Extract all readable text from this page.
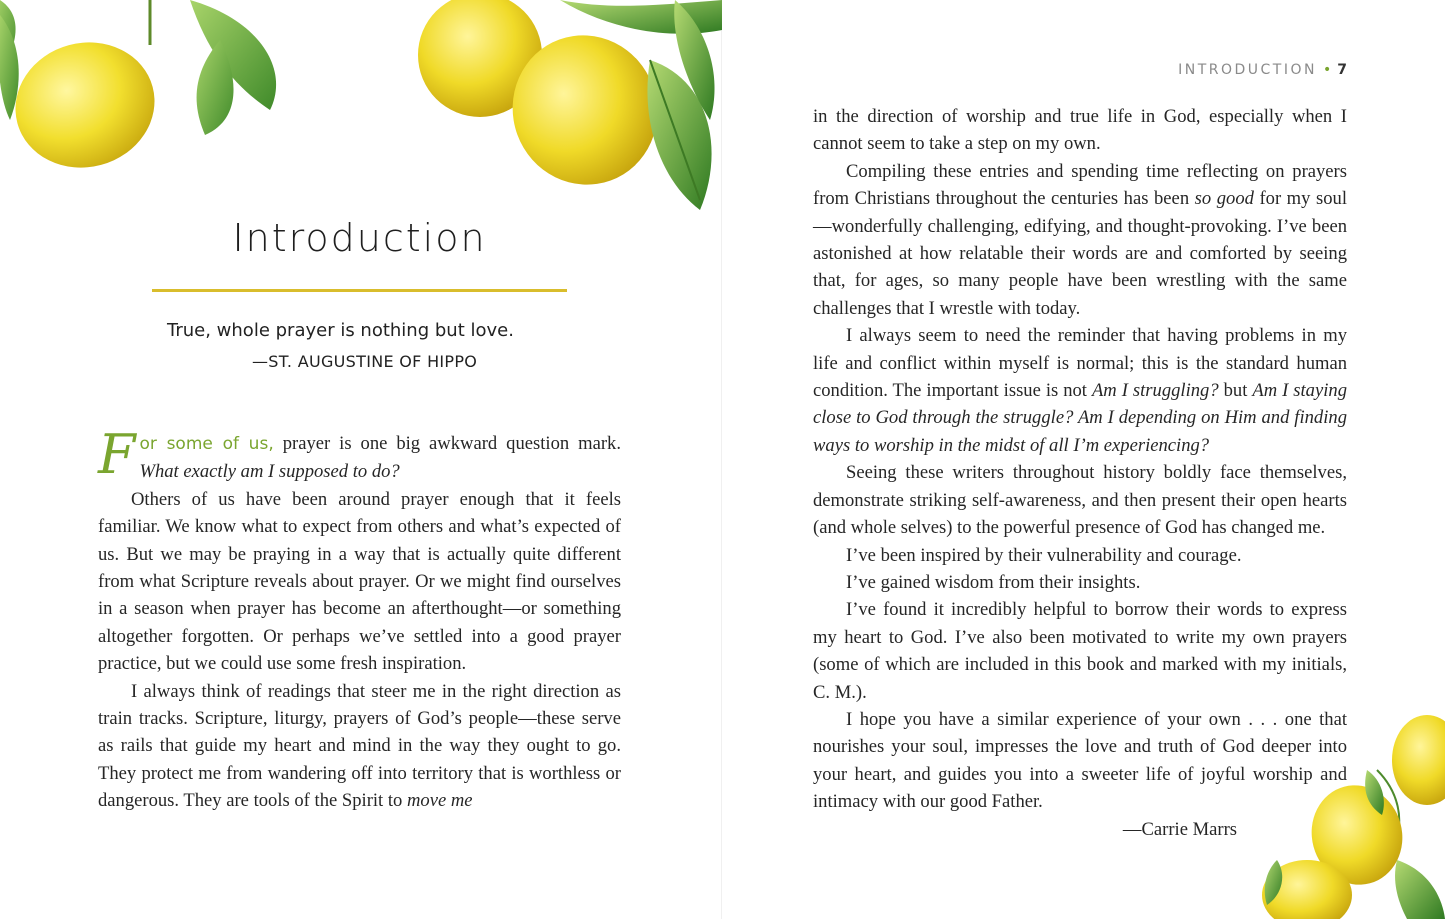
Introduction
True, whole prayer is nothing but love.
—ST. AUGUSTINE OF HIPPO

For some of us, prayer is one big awkward question mark. What exactly am I supposed to do?

Others of us have been around prayer enough that it feels familiar. We know what to expect from others and what’s expected of us. But we may be praying in a way that is actually quite different from what Scripture reveals about prayer. Or we might find ourselves in a season when prayer has become an afterthought—or something altogether forgotten. Or perhaps we’ve settled into a good prayer practice, but we could use some fresh inspiration.

I always think of readings that steer me in the right direction as train tracks. Scripture, liturgy, prayers of God’s people—these serve as rails that guide my heart and mind in the way they ought to go. They protect me from wandering off into territory that is worthless or dangerous. They are tools of the Spirit to move me

INTRODUCTION • 7

in the direction of worship and true life in God, especially when I cannot seem to take a step on my own.

Compiling these entries and spending time reflecting on prayers from Christians throughout the centuries has been so good for my soul—wonderfully challenging, edifying, and thought-provoking. I’ve been astonished at how relatable their words are and comforted by seeing that, for ages, so many people have been wrestling with the same challenges that I wrestle with today.

I always seem to need the reminder that having problems in my life and conflict within myself is normal; this is the standard human condition. The important issue is not Am I struggling? but Am I staying close to God through the struggle? Am I depending on Him and finding ways to worship in the midst of all I’m experiencing?

Seeing these writers throughout history boldly face themselves, demonstrate striking self-awareness, and then present their open hearts (and whole selves) to the powerful presence of God has changed me.

I’ve been inspired by their vulnerability and courage.

I’ve gained wisdom from their insights.

I’ve found it incredibly helpful to borrow their words to express my heart to God. I’ve also been motivated to write my own prayers (some of which are included in this book and marked with my initials, C. M.).

I hope you have a similar experience of your own . . . one that nourishes your soul, impresses the love and truth of God deeper into your heart, and guides you into a sweeter life of joyful worship and intimacy with our good Father.

—Carrie Marrs
